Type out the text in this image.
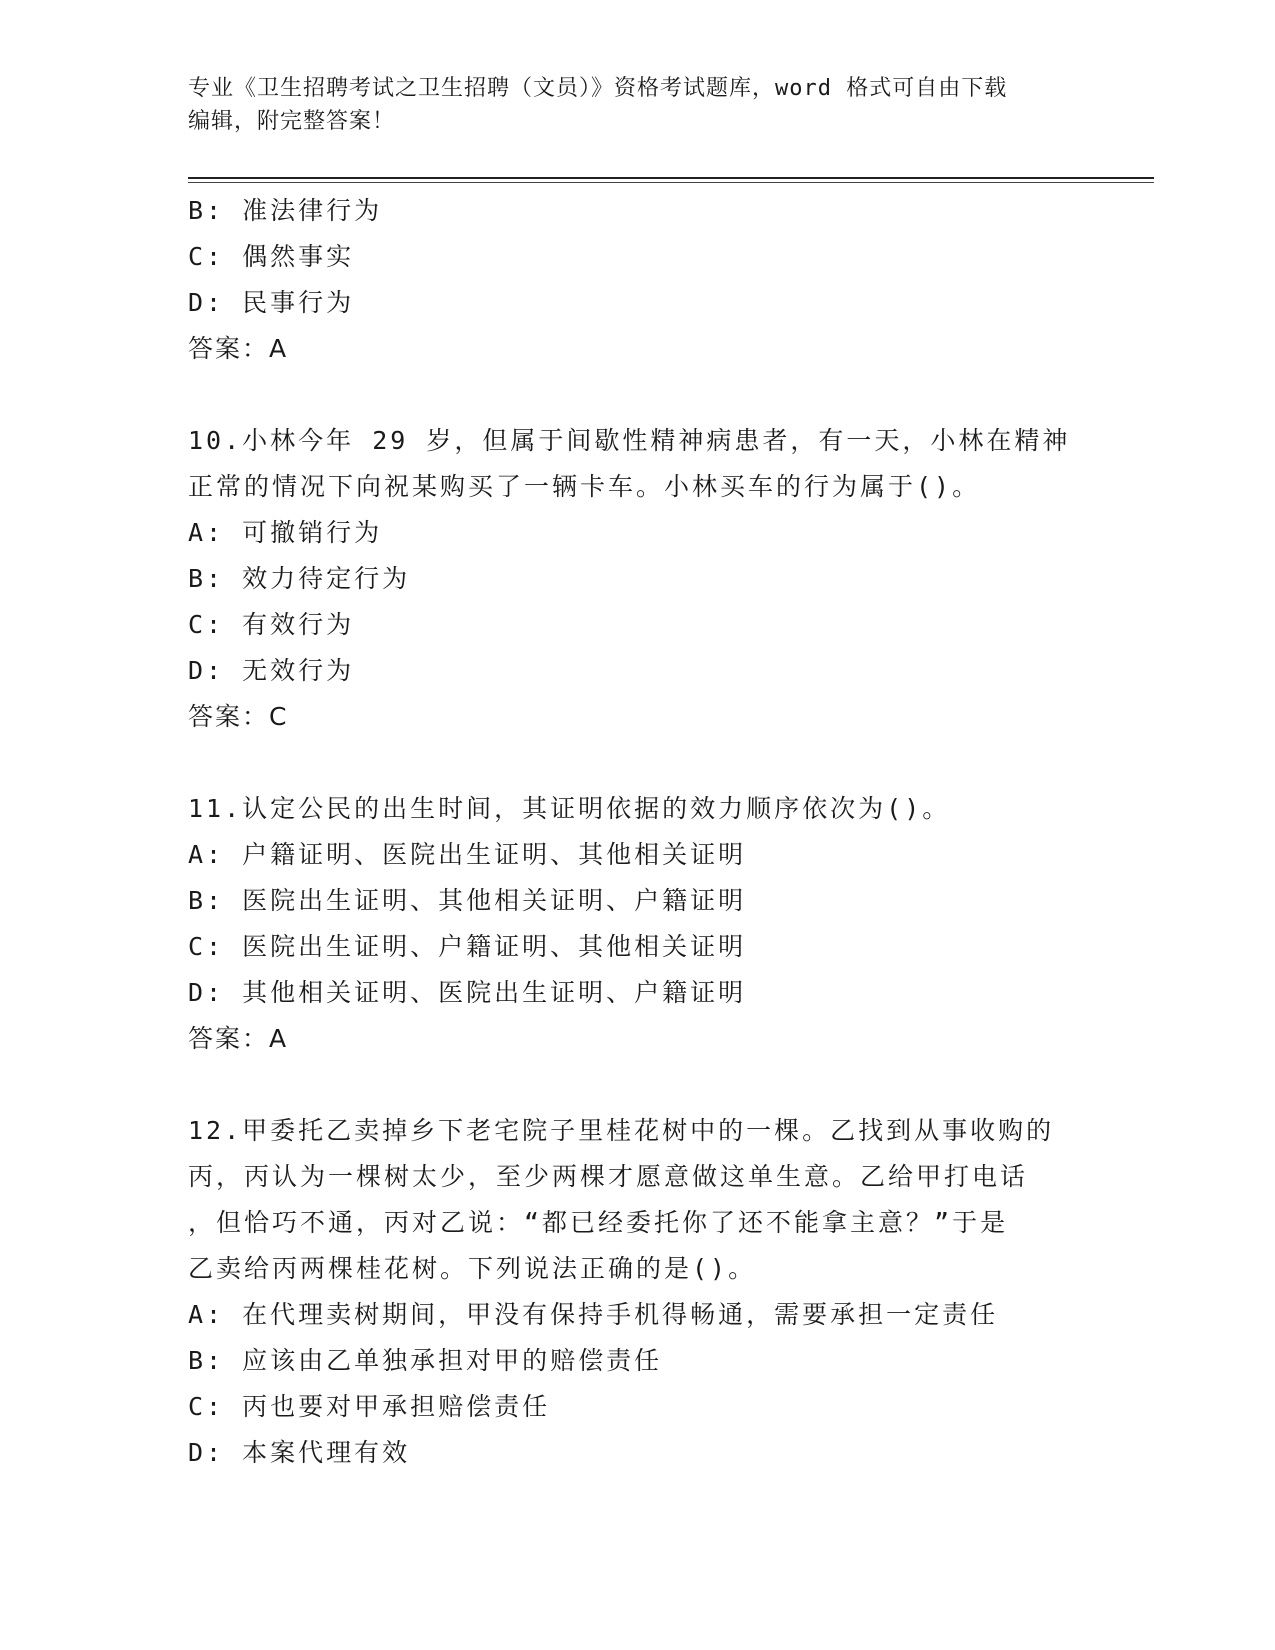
专业《卫生招聘考试之卫生招聘（文员）》资格考试题库，word 格式可自由下载
编辑，附完整答案！
B: 准法律行为
C: 偶然事实
D: 民事行为
答案：A
10.小林今年 29 岁，但属于间歇性精神病患者，有一天，小林在精神
正常的情况下向祝某购买了一辆卡车。小林买车的行为属于()。
A: 可撤销行为
B: 效力待定行为
C: 有效行为
D: 无效行为
答案：C
11.认定公民的出生时间，其证明依据的效力顺序依次为()。
A: 户籍证明、医院出生证明、其他相关证明
B: 医院出生证明、其他相关证明、户籍证明
C: 医院出生证明、户籍证明、其他相关证明
D: 其他相关证明、医院出生证明、户籍证明
答案：A
12.甲委托乙卖掉乡下老宅院子里桂花树中的一棵。乙找到从事收购的
丙，丙认为一棵树太少，至少两棵才愿意做这单生意。乙给甲打电话
，但恰巧不通，丙对乙说：“都已经委托你了还不能拿主意？”于是
乙卖给丙两棵桂花树。下列说法正确的是()。
A: 在代理卖树期间，甲没有保持手机得畅通，需要承担一定责任
B: 应该由乙单独承担对甲的赔偿责任
C: 丙也要对甲承担赔偿责任
D: 本案代理有效
